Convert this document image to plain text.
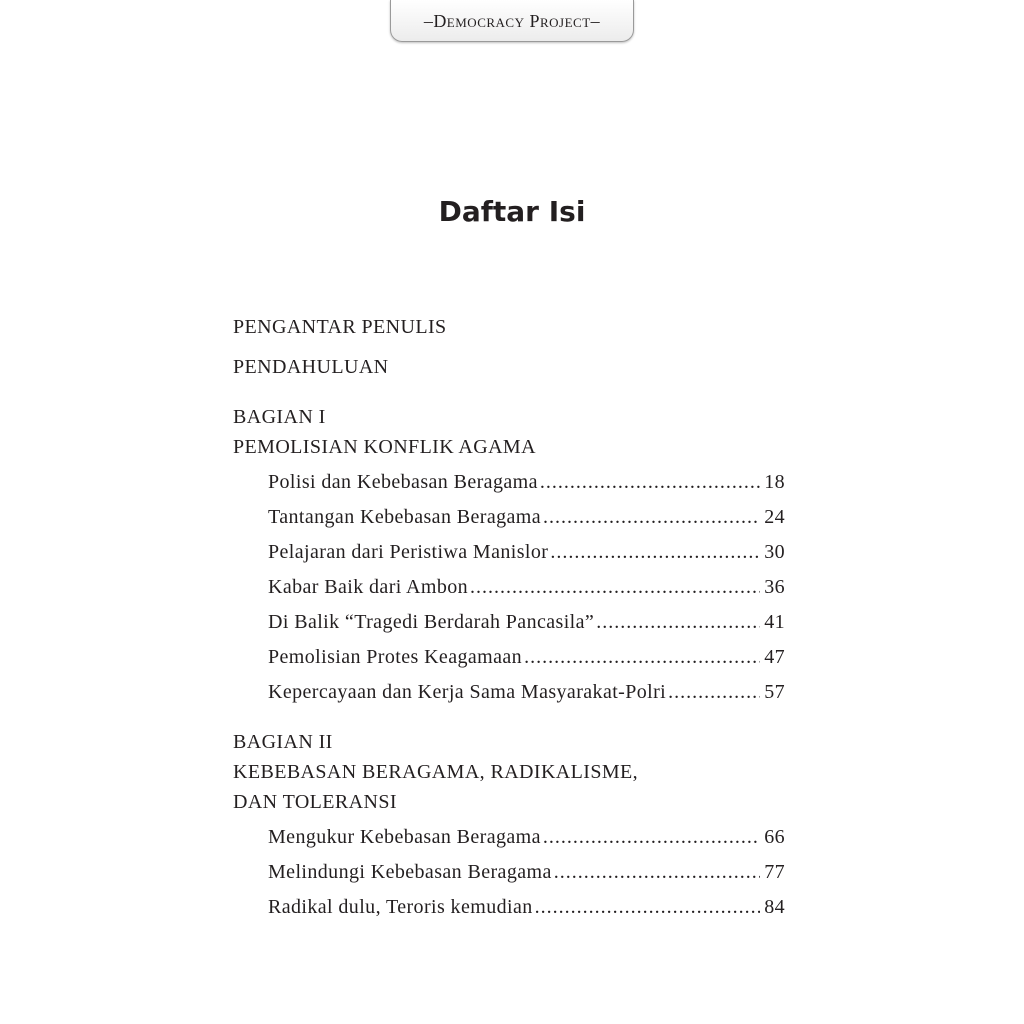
–Democracy Project–
Daftar Isi
PENGANTAR PENULIS
PENDAHULUAN
BAGIAN I
PEMOLISIAN KONFLIK AGAMA
Polisi dan Kebebasan Beragama .....	18
Tantangan Kebebasan Beragama .....	24
Pelajaran dari Peristiwa Manislor .....	30
Kabar Baik dari Ambon .....	36
Di Balik “Tragedi Berdarah Pancasila” .....	41
Pemolisian Protes Keagamaan .....	47
Kepercayaan dan Kerja Sama Masyarakat-Polri .....	57
BAGIAN II
KEBEBASAN BERAGAMA, RADIKALISME,
DAN TOLERANSI
Mengukur Kebebasan Beragama .....	66
Melindungi Kebebasan Beragama .....	77
Radikal dulu, Teroris kemudian .....	84
